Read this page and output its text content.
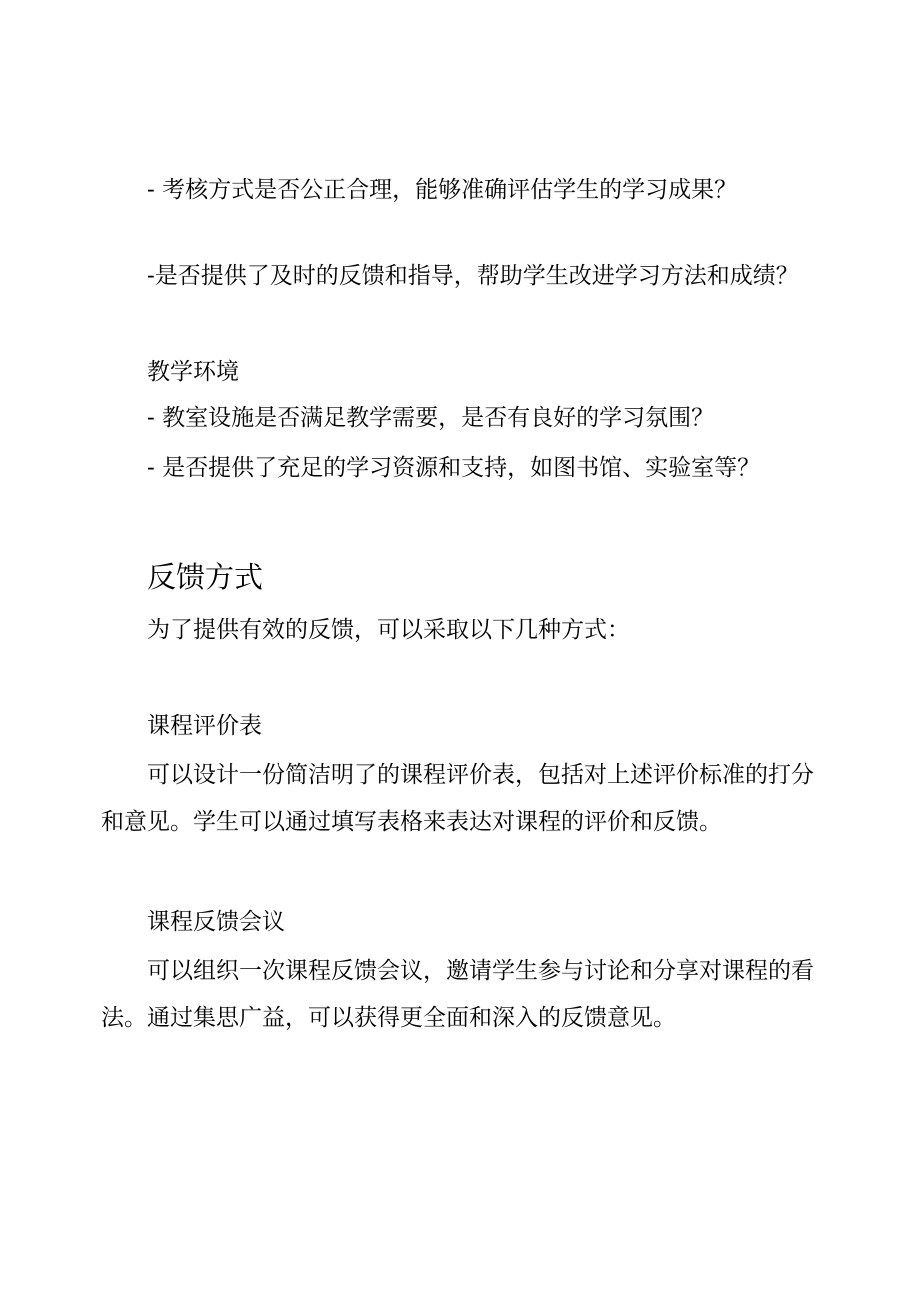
- 考核方式是否公正合理，能够准确评估学生的学习成果？
-是否提供了及时的反馈和指导，帮助学生改进学习方法和成绩？
教学环境
- 教室设施是否满足教学需要，是否有良好的学习氛围？
- 是否提供了充足的学习资源和支持，如图书馆、实验室等？
反馈方式
为了提供有效的反馈，可以采取以下几种方式：
课程评价表
可以设计一份简洁明了的课程评价表，包括对上述评价标准的打分
和意见。学生可以通过填写表格来表达对课程的评价和反馈。
课程反馈会议
可以组织一次课程反馈会议，邀请学生参与讨论和分享对课程的看
法。通过集思广益，可以获得更全面和深入的反馈意见。
